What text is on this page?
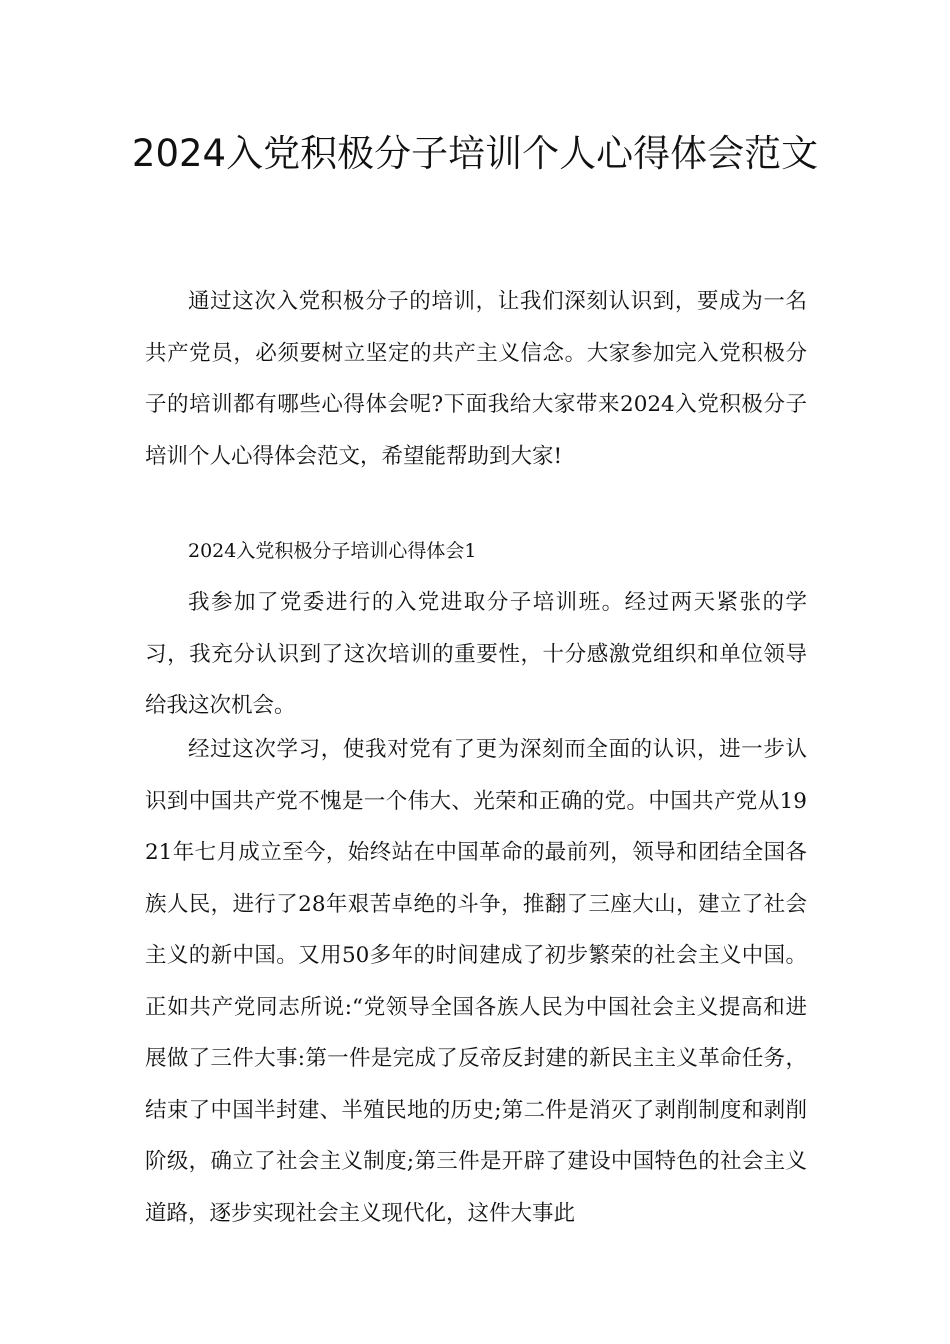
2024入党积极分子培训个人心得体会范文

通过这次入党积极分子的培训，让我们深刻认识到，要成为一名共产党员，必须要树立坚定的共产主义信念。大家参加完入党积极分子的培训都有哪些心得体会呢?下面我给大家带来2024入党积极分子培训个人心得体会范文，希望能帮助到大家!

2024入党积极分子培训心得体会1

我参加了党委进行的入党进取分子培训班。经过两天紧张的学习，我充分认识到了这次培训的重要性，十分感激党组织和单位领导给我这次机会。

经过这次学习，使我对党有了更为深刻而全面的认识，进一步认识到中国共产党不愧是一个伟大、光荣和正确的党。中国共产党从1921年七月成立至今，始终站在中国革命的最前列，领导和团结全国各族人民，进行了28年艰苦卓绝的斗争，推翻了三座大山，建立了社会主义的新中国。又用50多年的时间建成了初步繁荣的社会主义中国。正如共产党同志所说:“党领导全国各族人民为中国社会主义提高和进展做了三件大事:第一件是完成了反帝反封建的新民主主义革命任务，结束了中国半封建、半殖民地的历史;第二件是消灭了剥削制度和剥削阶级，确立了社会主义制度;第三件是开辟了建设中国特色的社会主义道路，逐步实现社会主义现代化，这件大事此
